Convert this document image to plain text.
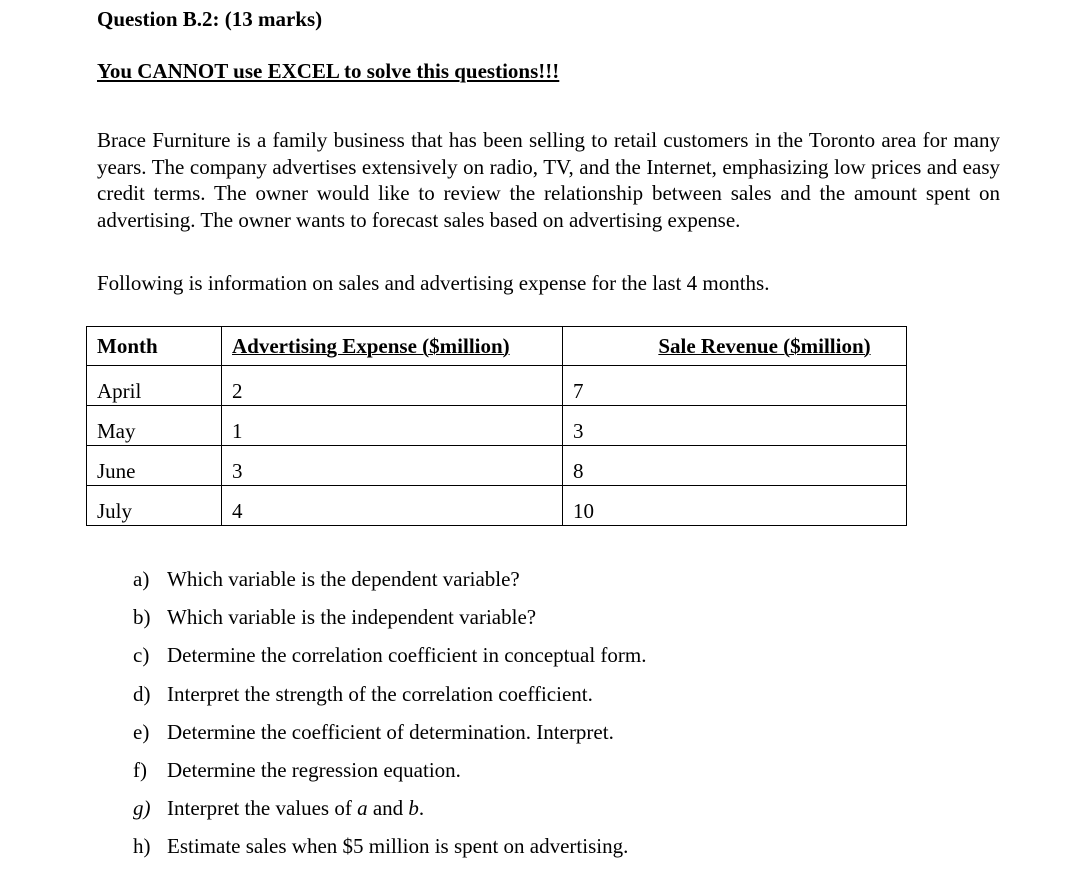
Question B.2: (13 marks)

You CANNOT use EXCEL to solve this questions!!!

Brace Furniture is a family business that has been selling to retail customers in the Toronto area for many years. The company advertises extensively on radio, TV, and the Internet, emphasizing low prices and easy credit terms. The owner would like to review the relationship between sales and the amount spent on advertising. The owner wants to forecast sales based on advertising expense.

Following is information on sales and advertising expense for the last 4 months.

Month	Advertising Expense ($million)	Sale Revenue ($million)
April	2	7
May	1	3
June	3	8
July	4	10
a) Which variable is the dependent variable?
b) Which variable is the independent variable?
c) Determine the correlation coefficient in conceptual form.
d) Interpret the strength of the correlation coefficient.
e) Determine the coefficient of determination. Interpret.
f) Determine the regression equation.
g) Interpret the values of a and b.
h) Estimate sales when $5 million is spent on advertising.
